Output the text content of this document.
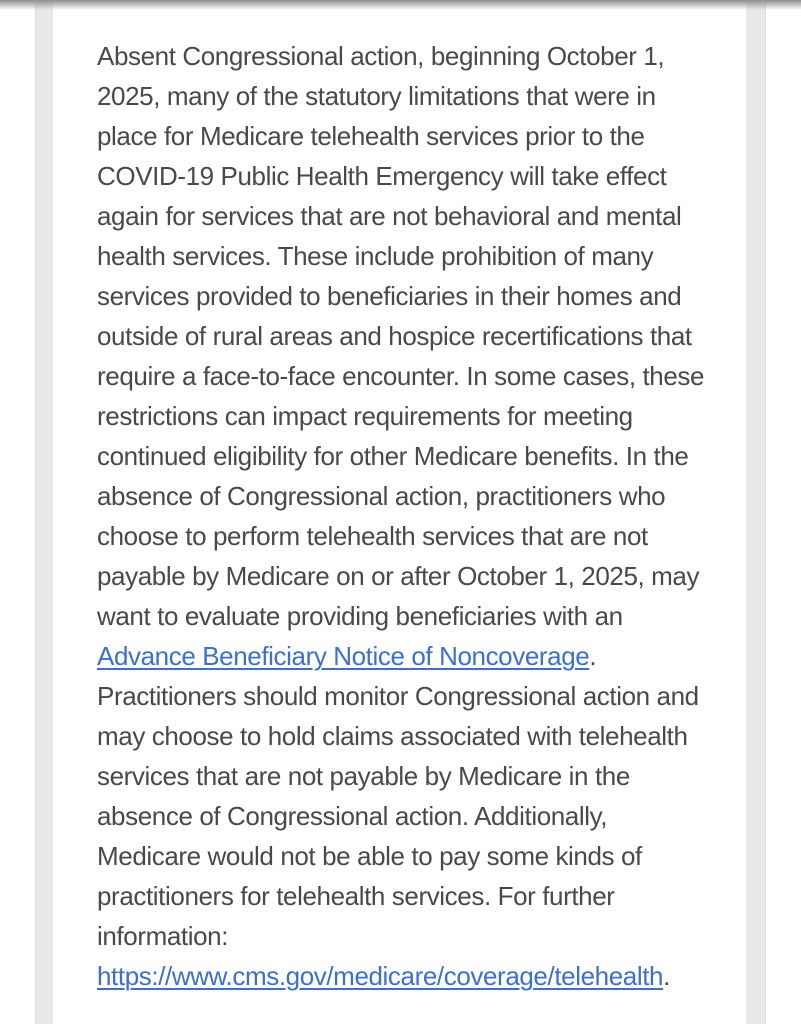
Absent Congressional action, beginning October 1, 2025, many of the statutory limitations that were in place for Medicare telehealth services prior to the COVID-19 Public Health Emergency will take effect again for services that are not behavioral and mental health services. These include prohibition of many services provided to beneficiaries in their homes and outside of rural areas and hospice recertifications that require a face-to-face encounter. In some cases, these restrictions can impact requirements for meeting continued eligibility for other Medicare benefits. In the absence of Congressional action, practitioners who choose to perform telehealth services that are not payable by Medicare on or after October 1, 2025, may want to evaluate providing beneficiaries with an Advance Beneficiary Notice of Noncoverage. Practitioners should monitor Congressional action and may choose to hold claims associated with telehealth services that are not payable by Medicare in the absence of Congressional action. Additionally, Medicare would not be able to pay some kinds of practitioners for telehealth services. For further information: https://www.cms.gov/medicare/coverage/telehealth.
